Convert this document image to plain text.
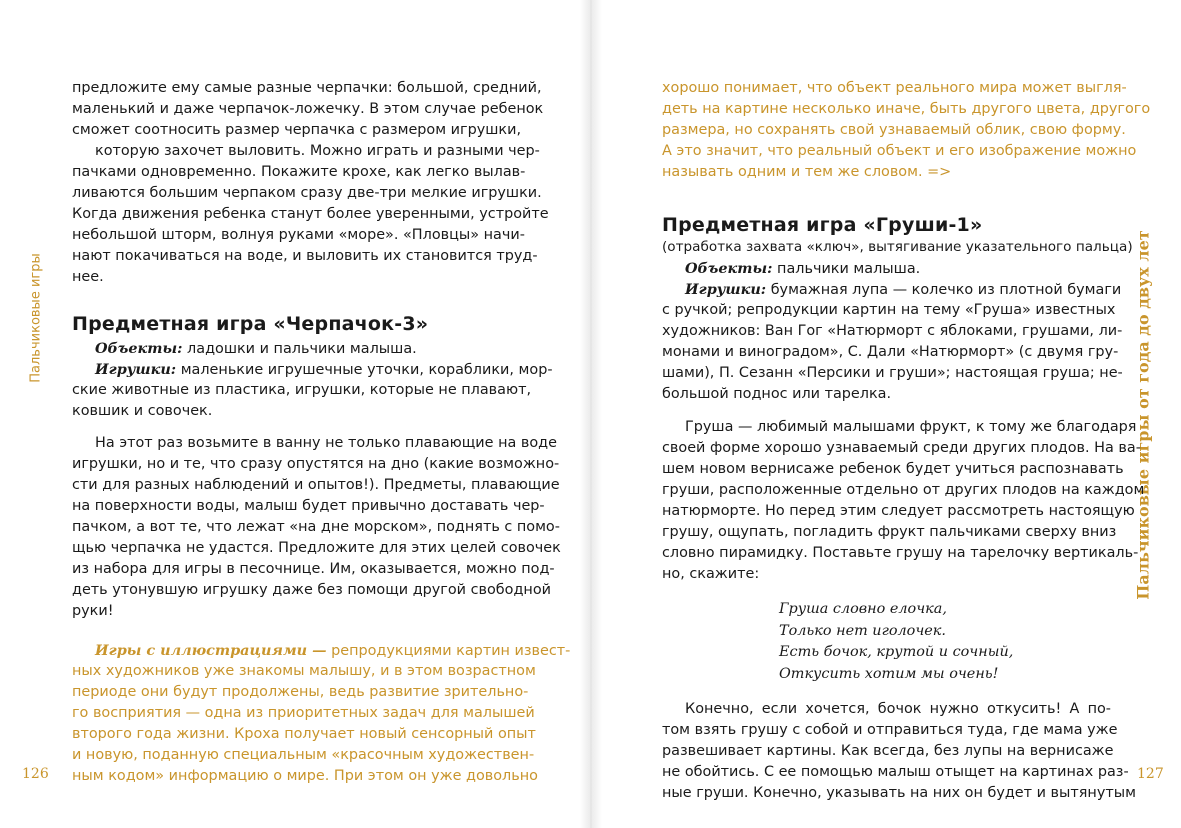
Пальчиковые игры
126
предложите ему самые разные черпачки: большой, средний,
маленький и даже черпачок-ложечку. В этом случае ребенок
сможет соотносить размер черпачка с размером игрушки,
которую захочет выловить. Можно играть и разными чер-
пачками одновременно. Покажите крохе, как легко вылав-
ливаются большим черпаком сразу две-три мелкие игрушки.
Когда движения ребенка станут более уверенными, устройте
небольшой шторм, волнуя руками «море». «Пловцы» начи-
нают покачиваться на воде, и выловить их становится труд-
нее.
Предметная игра «Черпачок-3»
Объекты: ладошки и пальчики малыша.
Игрушки: маленькие игрушечные уточки, кораблики, мор-
ские животные из пластика, игрушки, которые не плавают,
ковшик и совочек.
На этот раз возьмите в ванну не только плавающие на воде
игрушки, но и те, что сразу опустятся на дно (какие возможно-
сти для разных наблюдений и опытов!). Предметы, плавающие
на поверхности воды, малыш будет привычно доставать чер-
пачком, а вот те, что лежат «на дне морском», поднять с помо-
щью черпачка не удастся. Предложите для этих целей совочек
из набора для игры в песочнице. Им, оказывается, можно под-
деть утонувшую игрушку даже без помощи другой свободной
руки!
Игры с иллюстрациями — репродукциями картин извест-
ных художников уже знакомы малышу, и в этом возрастном
периоде они будут продолжены, ведь развитие зрительно-
го восприятия — одна из приоритетных задач для малышей
второго года жизни. Кроха получает новый сенсорный опыт
и новую, поданную специальным «красочным художествен-
ным кодом» информацию о мире. При этом он уже довольно
Пальчиковые игры от года до двух лет
127
хорошо понимает, что объект реального мира может выгля-
деть на картине несколько иначе, быть другого цвета, другого
размера, но сохранять свой узнаваемый облик, свою форму.
А это значит, что реальный объект и его изображение можно
называть одним и тем же словом. =>
Предметная игра «Груши-1»
(отработка захвата «ключ», вытягивание указательного пальца)
Объекты: пальчики малыша.
Игрушки: бумажная лупа — колечко из плотной бумаги
с ручкой; репродукции картин на тему «Груша» известных
художников: Ван Гог «Натюрморт с яблоками, грушами, ли-
монами и виноградом», С. Дали «Натюрморт» (с двумя гру-
шами), П. Сезанн «Персики и груши»; настоящая груша; не-
большой поднос или тарелка.
Груша — любимый малышами фрукт, к тому же благодаря
своей форме хорошо узнаваемый среди других плодов. На ва-
шем новом вернисаже ребенок будет учиться распознавать
груши, расположенные отдельно от других плодов на каждом
натюрморте. Но перед этим следует рассмотреть настоящую
грушу, ощупать, погладить фрукт пальчиками сверху вниз
словно пирамидку. Поставьте грушу на тарелочку вертикаль-
но, скажите:
Груша словно елочка,
Только нет иголочек.
Есть бочок, крутой и сочный,
Откусить хотим мы очень!
Конечно, если хочется, бочок нужно откусить! А по-
том взять грушу с собой и отправиться туда, где мама уже
развешивает картины. Как всегда, без лупы на вернисаже
не обойтись. С ее помощью малыш отыщет на картинах раз-
ные груши. Конечно, указывать на них он будет и вытянутым
